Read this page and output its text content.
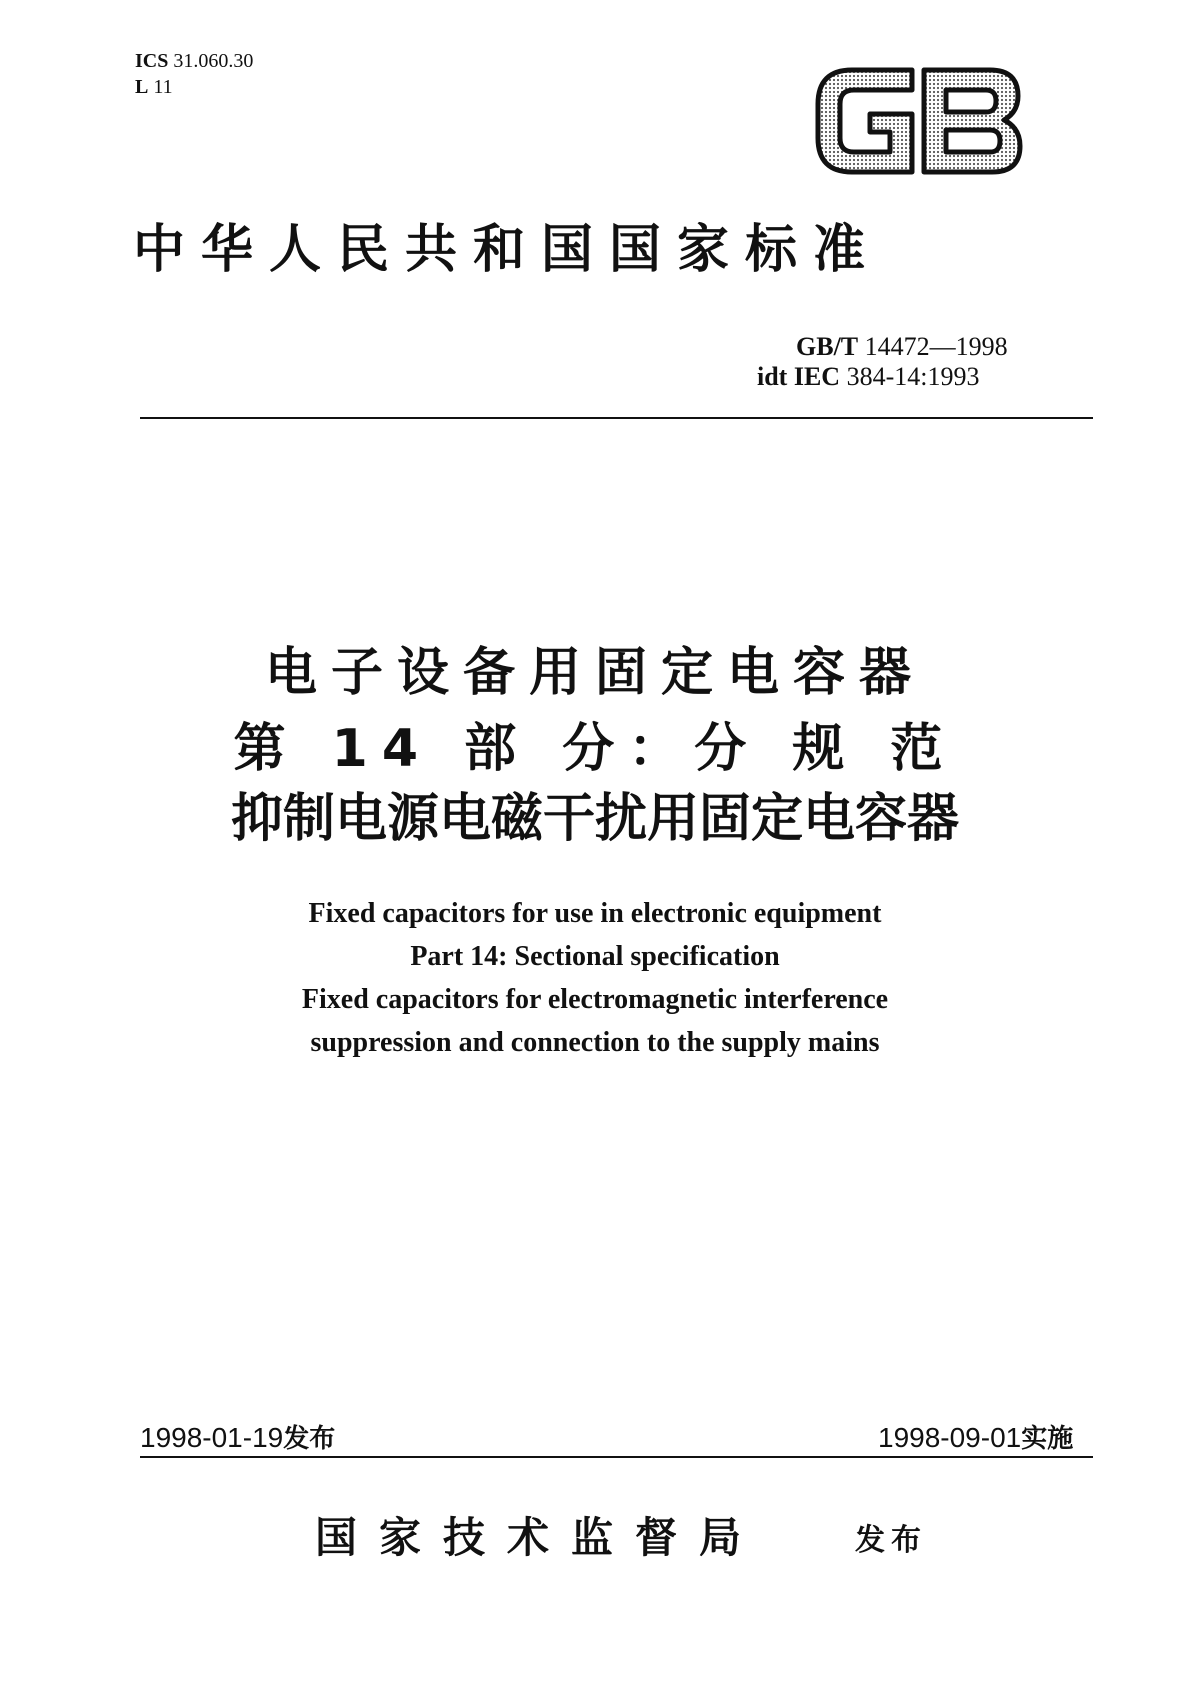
ICS 31.060.30
L 11
中华人民共和国国家标准
GB/T 14472—1998
idt IEC 384-14:1993
电子设备用固定电容器
第 14 部 分：分 规 范
抑制电源电磁干扰用固定电容器
Fixed capacitors for use in electronic equipment
Part 14: Sectional specification
Fixed capacitors for electromagnetic interference
suppression and connection to the supply mains
1998-01-19发布	1998-09-01实施
国家技术监督局	发布
